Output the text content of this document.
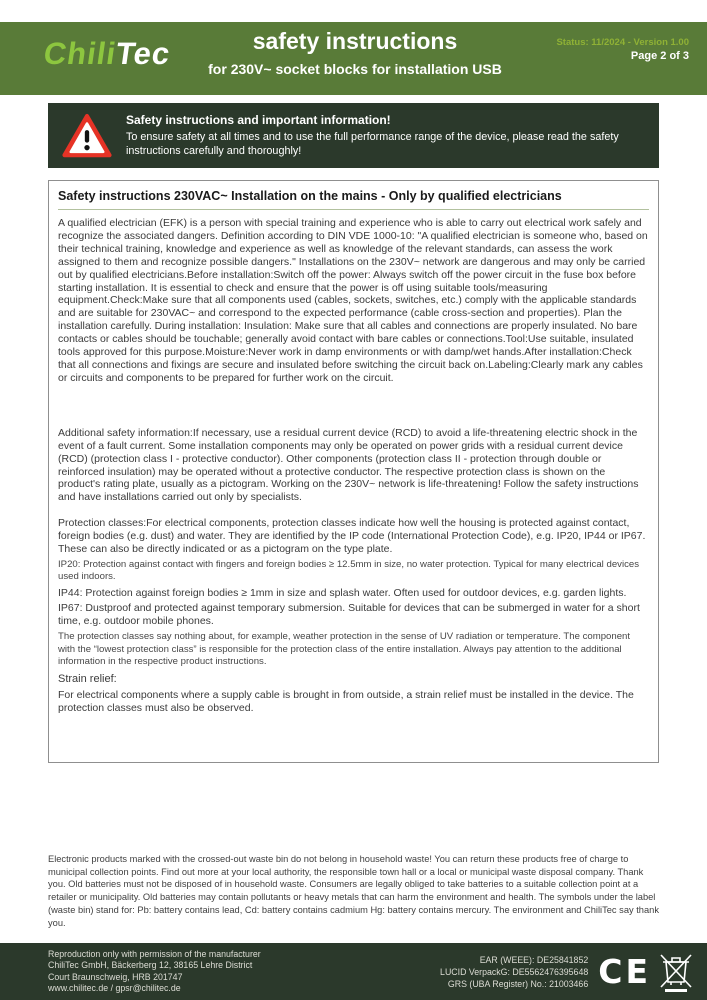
ChiliTec	safety instructions
for 230V~ socket blocks for installation USB
Status: 11/2024 - Version 1.00
Page 2 of 3
Safety instructions and important information!
To ensure safety at all times and to use the full performance range of the device, please read the safety instructions carefully and thoroughly!
Safety instructions 230VAC~ Installation on the mains - Only by qualified electricians

A qualified electrician (EFK) is a person with special training and experience who is able to carry out electrical work safely and recognize the associated dangers. Definition according to DIN VDE 1000-10: "A qualified electrician is someone who, based on their technical training, knowledge and experience as well as knowledge of the relevant standards, can assess the work assigned to them and recognize possible dangers." Installations on the 230V~ network are dangerous and may only be carried out by qualified electricians.Before installation:Switch off the power: Always switch off the power circuit in the fuse box before starting installation. It is essential to check and ensure that the power is off using suitable tools/measuring equipment.Check:Make sure that all components used (cables, sockets, switches, etc.) comply with the applicable standards and are suitable for 230VAC~ and correspond to the expected performance (cable cross-section and properties). Plan the installation carefully. During installation: Insulation: Make sure that all cables and connections are properly insulated. No bare contacts or cables should be touchable; generally avoid contact with bare cables or connections.Tool:Use suitable, insulated tools approved for this purpose.Moisture:Never work in damp environments or with damp/wet hands.After installation:Check that all connections and fixings are secure and insulated before switching the circuit back on.Labeling:Clearly mark any cables or circuits and components to be prepared for further work on the circuit.

Additional safety information:If necessary, use a residual current device (RCD) to avoid a life-threatening electric shock in the event of a fault current. Some installation components may only be operated on power grids with a residual current device (RCD) (protection class I - protective conductor). Other components (protection class II - protection through double or reinforced insulation) may be operated without a protective conductor. The respective protection class is shown on the product's rating plate, usually as a pictogram. Working on the 230V~ network is life-threatening! Follow the safety instructions and have installations carried out only by specialists.

Protection classes:For electrical components, protection classes indicate how well the housing is protected against contact, foreign bodies (e.g. dust) and water. They are identified by the IP code (International Protection Code), e.g. IP20, IP44 or IP67. These can also be directly indicated or as a pictogram on the type plate.

IP20: Protection against contact with fingers and foreign bodies ≥ 12.5mm in size, no water protection. Typical for many electrical devices used indoors.

IP44: Protection against foreign bodies ≥ 1mm in size and splash water. Often used for outdoor devices, e.g. garden lights.

IP67: Dustproof and protected against temporary submersion. Suitable for devices that can be submerged in water for a short time, e.g. outdoor mobile phones.

The protection classes say nothing about, for example, weather protection in the sense of UV radiation or temperature. The component with the “lowest protection class” is responsible for the protection class of the entire installation. Always pay attention to the additional information in the respective product instructions.

Strain relief:

For electrical components where a supply cable is brought in from outside, a strain relief must be installed in the device. The protection classes must also be observed.

Electronic products marked with the crossed-out waste bin do not belong in household waste! You can return these products free of charge to municipal collection points. Find out more at your local authority, the responsible town hall or a local or municipal waste disposal company. Thank you. Old batteries must not be disposed of in household waste. Consumers are legally obliged to take batteries to a suitable collection point at a retailer or municipality. Old batteries may contain pollutants or heavy metals that can harm the environment and health. The symbols under the label (waste bin) stand for: Pb: battery contains lead, Cd: battery contains cadmium Hg: battery contains mercury. The environment and ChiliTec say thank you.

Reproduction only with permission of the manufacturer
ChiliTec GmbH, Bäckerberg 12, 38165 Lehre District
Court Braunschweig, HRB 201747
www.chilitec.de / gpsr@chilitec.de
EAR (WEEE): DE25841852
LUCID VerpackG: DE5562476395648
GRS (UBA Register) No.: 21003466 CE
